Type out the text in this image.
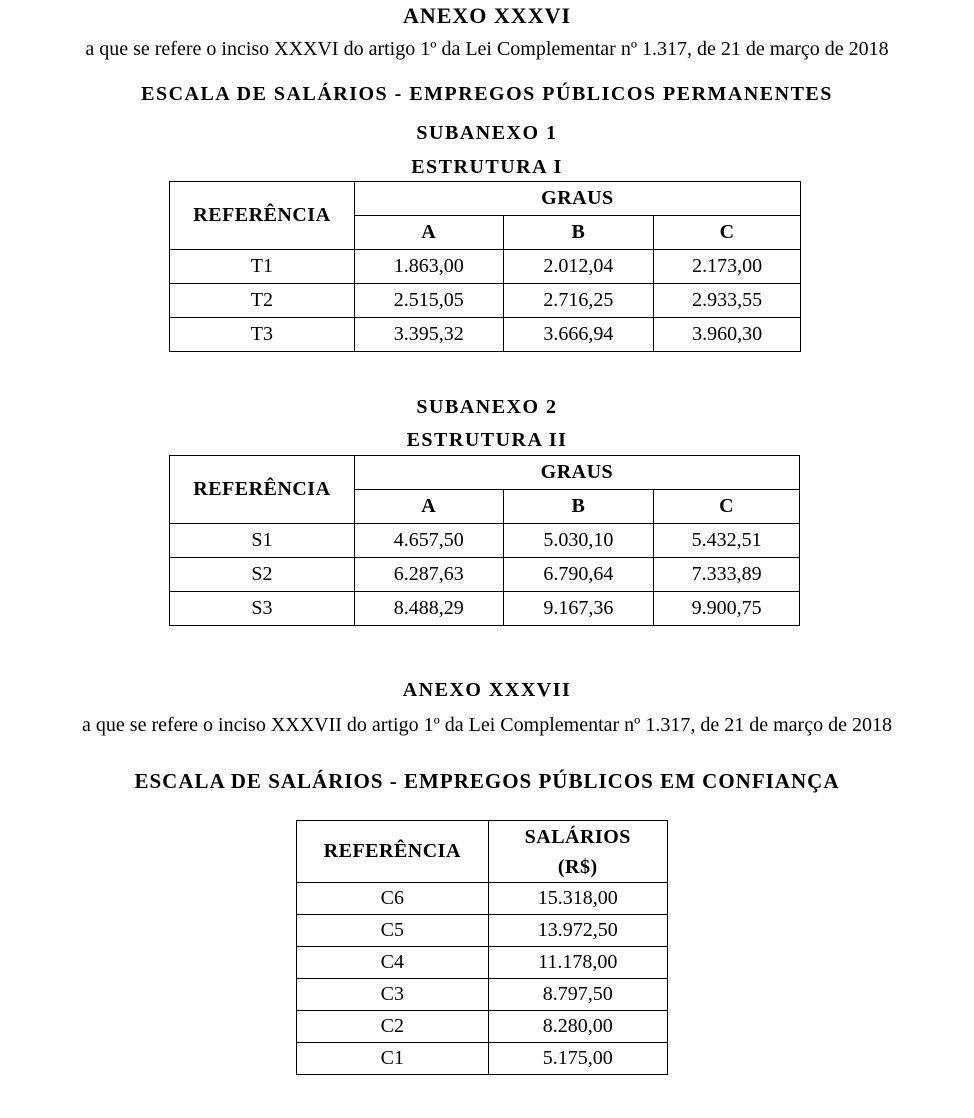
ANEXO XXXVI
a que se refere o inciso XXXVI do artigo 1º da Lei Complementar nº 1.317, de 21 de março de 2018
ESCALA DE SALÁRIOS - EMPREGOS PÚBLICOS PERMANENTES
SUBANEXO 1
ESTRUTURA I
REFERÊNCIA	GRAUS		
	A	B	C
T1	1.863,00	2.012,04	2.173,00
T2	2.515,05	2.716,25	2.933,55
T3	3.395,32	3.666,94	3.960,30
SUBANEXO 2
ESTRUTURA II
REFERÊNCIA	GRAUS		
	A	B	C
S1	4.657,50	5.030,10	5.432,51
S2	6.287,63	6.790,64	7.333,89
S3	8.488,29	9.167,36	9.900,75
ANEXO XXXVII
a que se refere o inciso XXXVII do artigo 1º da Lei Complementar nº 1.317, de 21 de março de 2018
ESCALA DE SALÁRIOS - EMPREGOS PÚBLICOS EM CONFIANÇA
REFERÊNCIA	SALÁRIOS
(R$)
C6	15.318,00
C5	13.972,50
C4	11.178,00
C3	8.797,50
C2	8.280,00
C1	5.175,00
